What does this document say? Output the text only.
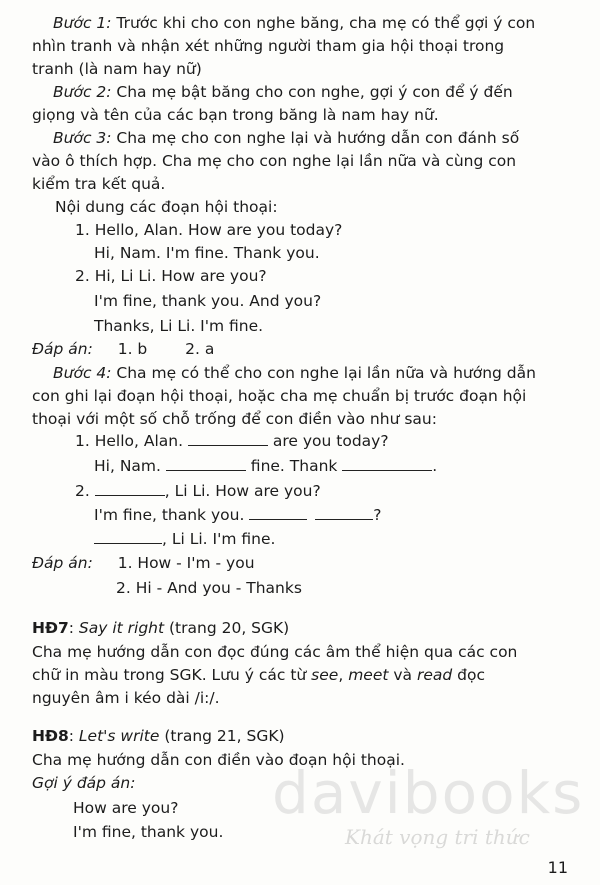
Bước 1: Trước khi cho con nghe băng, cha mẹ có thể gợi ý con
nhìn tranh và nhận xét những người tham gia hội thoại trong
tranh (là nam hay nữ)
Bước 2: Cha mẹ bật băng cho con nghe, gợi ý con để ý đến
giọng và tên của các bạn trong băng là nam hay nữ.
Bước 3: Cha mẹ cho con nghe lại và hướng dẫn con đánh số
vào ô thích hợp. Cha mẹ cho con nghe lại lần nữa và cùng con
kiểm tra kết quả.
Nội dung các đoạn hội thoại:
1. Hello, Alan. How are you today?
Hi, Nam. I'm fine. Thank you.
2. Hi, Li Li. How are you?
I'm fine, thank you. And you?
Thanks, Li Li. I'm fine.
Đáp án: 1. b 2. a
Bước 4: Cha mẹ có thể cho con nghe lại lần nữa và hướng dẫn
con ghi lại đoạn hội thoại, hoặc cha mẹ chuẩn bị trước đoạn hội
thoại với một số chỗ trống để con điền vào như sau:
1. Hello, Alan.	are you today?
Hi, Nam.	fine. Thank	.
2.	, Li Li. How are you?
I'm fine, thank you.	?
, Li Li. I'm fine.
Đáp án: 1. How - I'm - you
2. Hi - And you - Thanks
HĐ7: Say it right (trang 20, SGK)
Cha mẹ hướng dẫn con đọc đúng các âm thể hiện qua các con
chữ in màu trong SGK. Lưu ý các từ see, meet và read đọc
nguyên âm i kéo dài /i:/.
HĐ8: Let's write (trang 21, SGK)
Cha mẹ hướng dẫn con điền vào đoạn hội thoại.
Gợi ý đáp án:
How are you?
I'm fine, thank you.
davibooks
Khát vọng tri thức
11
